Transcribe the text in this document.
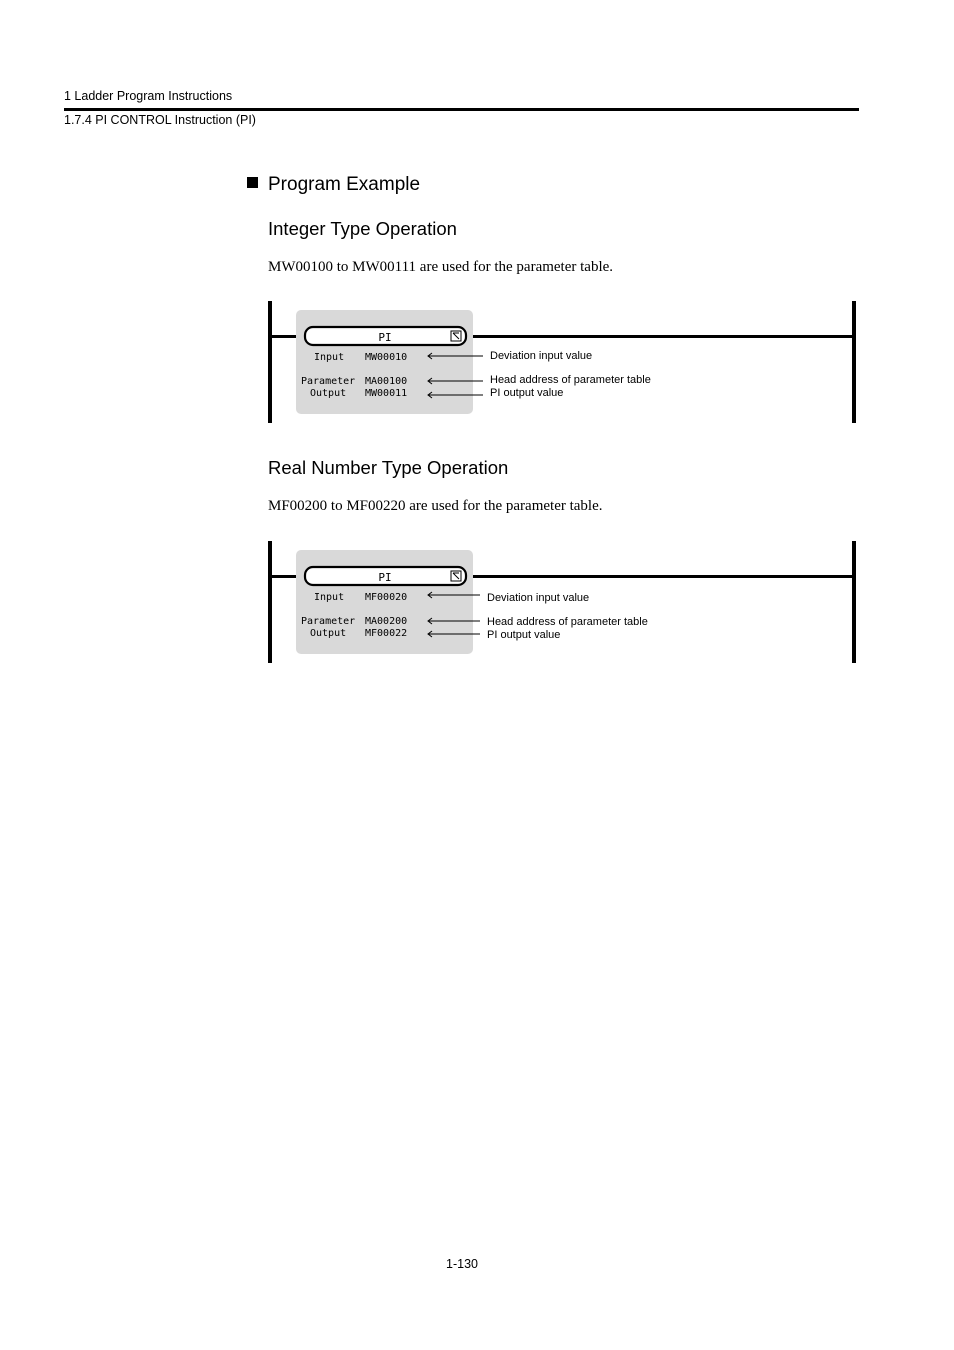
1 Ladder Program Instructions
1.7.4 PI CONTROL Instruction (PI)
Program Example
Integer Type Operation
MW00100 to MW00111 are used for the parameter table.
PI
Input MW00010
Parameter MA00100
Output MW00011
Deviation input value
Head address of parameter table
PI output value
Real Number Type Operation
MF00200 to MF00220 are used for the parameter table.
PI
Input MF00020
Parameter MA00200
Output MF00022
Deviation input value
Head address of parameter table
PI output value
1-130
